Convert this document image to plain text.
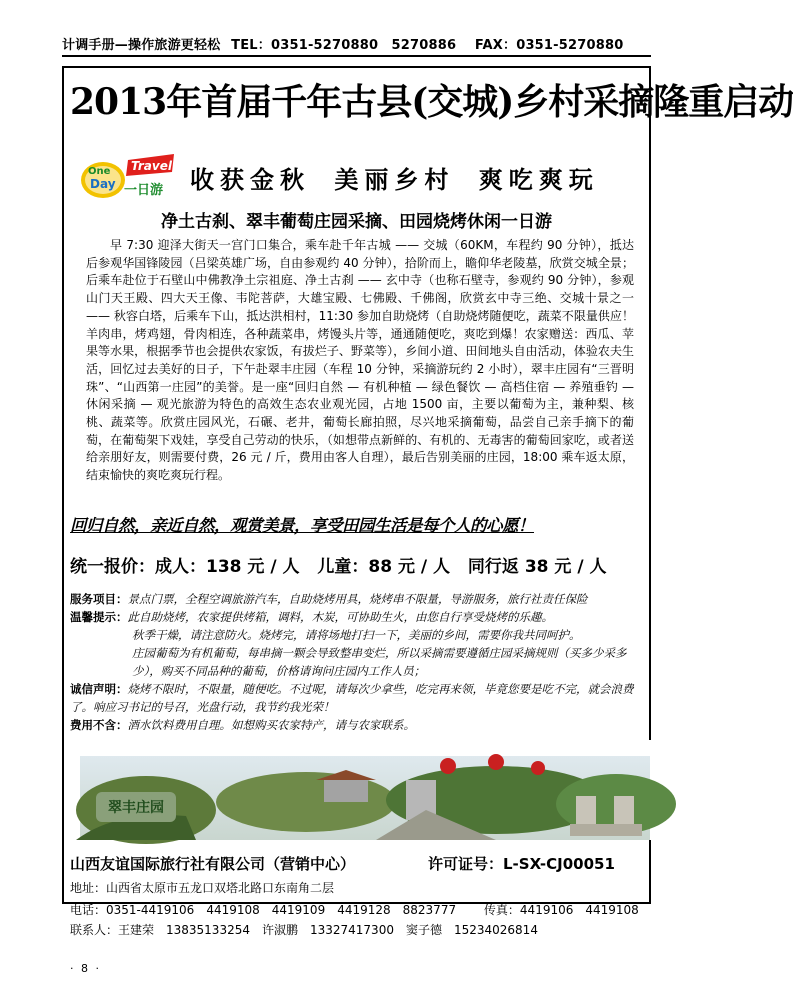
计调手册—操作旅游更轻松 TEL：0351-5270880　5270886 FAX：0351-5270880
2013年首届千年古县(交城)乡村采摘隆重启动
One
Day
Travel
一日游 收获金秋 美丽乡村 爽吃爽玩
净土古刹、翠丰葡萄庄园采摘、田园烧烤休闲一日游

早 7:30 迎泽大街天一宫门口集合，乘车赴千年古城 —— 交城（60KM，车程约 90 分钟），抵达后参观华国锋陵园（吕梁英雄广场，自由参观约 40 分钟），拾阶而上，瞻仰华老陵墓，欣赏交城全景；后乘车赴位于石壁山中佛教净土宗祖庭、净土古刹 —— 玄中寺（也称石壁寺，参观约 90 分钟），参观山门天王殿、四大天王像、韦陀菩萨，大雄宝殿、七佛殿、千佛阁，欣赏玄中寺三绝、交城十景之一 —— 秋容白塔，后乘车下山，抵达洪相村，11:30 参加自助烧烤（自助烧烤随便吃，蔬菜不限量供应！羊肉串，烤鸡翅，骨肉相连，各种蔬菜串，烤馒头片等，通通随便吃，爽吃到爆！农家赠送：西瓜、苹果等水果，根据季节也会提供农家饭，有拔烂子、野菜等），乡间小道、田间地头自由活动，体验农夫生活，回忆过去美好的日子，下午赴翠丰庄园（车程 10 分钟，采摘游玩约 2 小时），翠丰庄园有“三晋明珠”、“山西第一庄园”的美誉。是一座“回归自然 — 有机种植 — 绿色餐饮 — 高档住宿 — 养殖垂钓 — 休闲采摘 — 观光旅游为特色的高效生态农业观光园，占地 1500 亩，主要以葡萄为主，兼种梨、核桃、蔬菜等。欣赏庄园风光，石碾、老井，葡萄长廊拍照，尽兴地采摘葡萄，品尝自己亲手摘下的葡萄，在葡萄架下戏娃，享受自己劳动的快乐，（如想带点新鲜的、有机的、无毒害的葡萄回家吃，或者送给亲朋好友，则需要付费，26 元 / 斤，费用由客人自理），最后告别美丽的庄园，18:00 乘车返太原，结束愉快的爽吃爽玩行程。

回归自然，亲近自然，观赏美景，享受田园生活是每个人的心愿！
统一报价：成人：138 元 / 人 儿童：88 元 / 人 同行返 38 元 / 人
服务项目：景点门票，全程空调旅游汽车，自助烧烤用具，烧烤串不限量，导游服务，旅行社责任保险
温馨提示：此自助烧烤，农家提供烤箱，调料，木炭，可协助生火，由您自行享受烧烤的乐趣。
秋季干燥，请注意防火。烧烤完，请将场地打扫一下，美丽的乡间，需要你我共同呵护。
庄园葡萄为有机葡萄，每串摘一颗会导致整串变烂，所以采摘需要遵循庄园采摘规则（买多少采多少），购买不同品种的葡萄，价格请询问庄园内工作人员；
诚信声明：烧烤不限时，不限量，随便吃。不过呢，请每次少拿些，吃完再来领，毕竟您要是吃不完，就会浪费了。响应习书记的号召，光盘行动，我节约我光荣！
费用不含：酒水饮料费用自理。如想购买农家特产，请与农家联系。
翠丰庄园
山西友谊国际旅行社有限公司（营销中心）	许可证号：L-SX-CJ00051
地址：山西省太原市五龙口双塔北路口东南角二层
电话：0351-4419106　4419108　4419109　4419128　8823777 传真：4419106　4419108
联系人：王建荣　13835133254　许淑鹏　13327417300　窦子德　15234026814
· 8 ·
